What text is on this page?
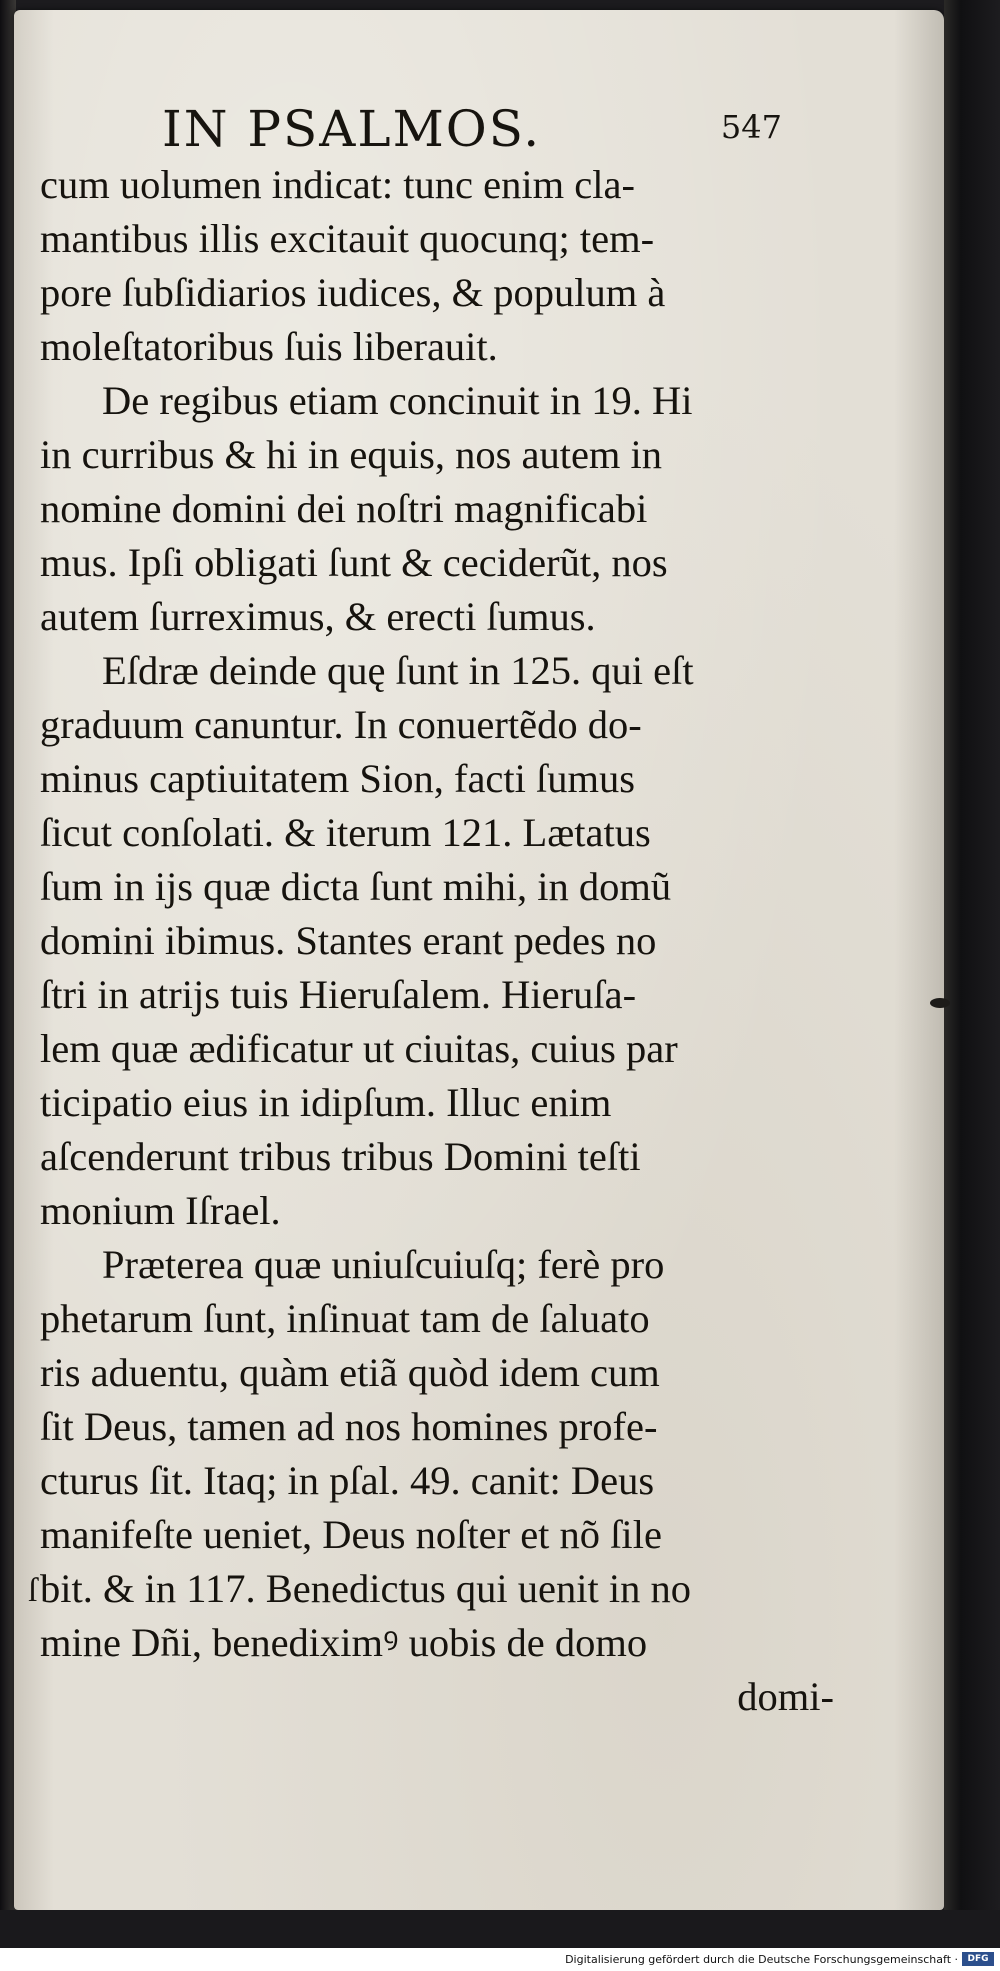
IN PSALMOS.	547
cum uolumen indicat: tunc enim cla-
mantibus illis excitauit quocunq; tem-
pore ſubſidiarios iudices, & populum à
moleſtatoribus ſuis liberauit.
De regibus etiam concinuit in 19. Hi
in curribus & hi in equis, nos autem in
nomine domini dei noſtri magnificabi
mus. Ipſi obligati ſunt & ceciderũt, nos
autem ſurreximus, & erecti ſumus.
Eſdræ deinde quę ſunt in 125. qui eſt
graduum canuntur. In conuertẽdo do-
minus captiuitatem Sion, facti ſumus
ſicut conſolati. & iterum 121. Lætatus
ſum in ijs quæ dicta ſunt mihi, in domũ
domini ibimus. Stantes erant pedes no
ſtri in atrijs tuis Hieruſalem. Hieruſa-
lem quæ ædificatur ut ciuitas, cuius par
ticipatio eius in idipſum. Illuc enim
aſcenderunt tribus tribus Domini teſti
monium Iſrael.
Præterea quæ uniuſcuiuſq; ferè pro
phetarum ſunt, inſinuat tam de ſaluato
ris aduentu, quàm etiã quòd idem cum
ſit Deus, tamen ad nos homines profe-
cturus ſit. Itaq; in pſal. 49. canit: Deus
manifeſte ueniet, Deus noſter et nõ ſile
bit. & in 117. Benedictus qui uenit in no
mine Dñi, benediximꝰ uobis de domo
domi-
ſ
Digitalisierung gefördert durch die Deutsche Forschungsgemeinschaft ·	DFG
